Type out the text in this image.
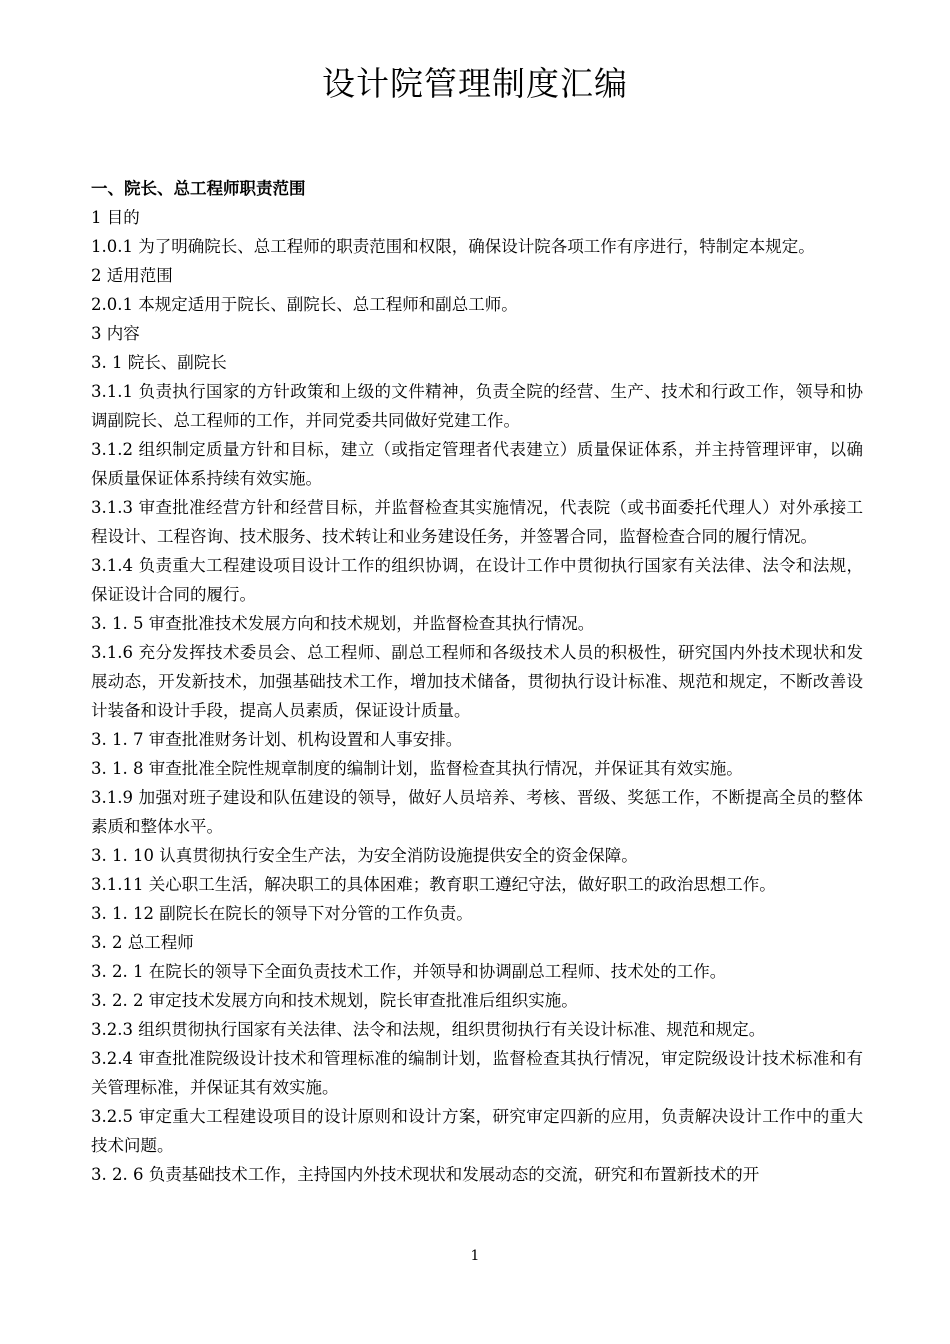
设计院管理制度汇编

一、院长、总工程师职责范围

1 目的

1.0.1 为了明确院长、总工程师的职责范围和权限，确保设计院各项工作有序进行，特制定本规定。

2 适用范围

2.0.1 本规定适用于院长、副院长、总工程师和副总工师。

3 内容

3. 1 院长、副院长

3.1.1 负责执行国家的方针政策和上级的文件精神，负责全院的经营、生产、技术和行政工作，领导和协调副院长、总工程师的工作，并同党委共同做好党建工作。

3.1.2 组织制定质量方针和目标，建立（或指定管理者代表建立）质量保证体系，并主持管理评审，以确保质量保证体系持续有效实施。

3.1.3 审查批准经营方针和经营目标，并监督检查其实施情况，代表院（或书面委托代理人）对外承接工程设计、工程咨询、技术服务、技术转让和业务建设任务，并签署合同，监督检查合同的履行情况。

3.1.4 负责重大工程建设项目设计工作的组织协调，在设计工作中贯彻执行国家有关法律、法令和法规，保证设计合同的履行。

3. 1. 5 审查批准技术发展方向和技术规划，并监督检查其执行情况。

3.1.6 充分发挥技术委员会、总工程师、副总工程师和各级技术人员的积极性，研究国内外技术现状和发展动态，开发新技术，加强基础技术工作，增加技术储备，贯彻执行设计标准、规范和规定，不断改善设计装备和设计手段，提高人员素质，保证设计质量。

3. 1. 7 审查批准财务计划、机构设置和人事安排。

3. 1. 8 审查批准全院性规章制度的编制计划，监督检查其执行情况，并保证其有效实施。

3.1.9 加强对班子建设和队伍建设的领导，做好人员培养、考核、晋级、奖惩工作，不断提高全员的整体素质和整体水平。

3. 1. 10 认真贯彻执行安全生产法，为安全消防设施提供安全的资金保障。

3.1.11 关心职工生活，解决职工的具体困难；教育职工遵纪守法，做好职工的政治思想工作。

3. 1. 12 副院长在院长的领导下对分管的工作负责。

3. 2 总工程师

3. 2. 1 在院长的领导下全面负责技术工作，并领导和协调副总工程师、技术处的工作。

3. 2. 2 审定技术发展方向和技术规划，院长审查批准后组织实施。

3.2.3 组织贯彻执行国家有关法律、法令和法规，组织贯彻执行有关设计标准、规范和规定。

3.2.4 审查批准院级设计技术和管理标准的编制计划，监督检查其执行情况，审定院级设计技术标准和有关管理标准，并保证其有效实施。

3.2.5 审定重大工程建设项目的设计原则和设计方案，研究审定四新的应用，负责解决设计工作中的重大技术问题。

3. 2. 6 负责基础技术工作，主持国内外技术现状和发展动态的交流，研究和布置新技术的开

1
